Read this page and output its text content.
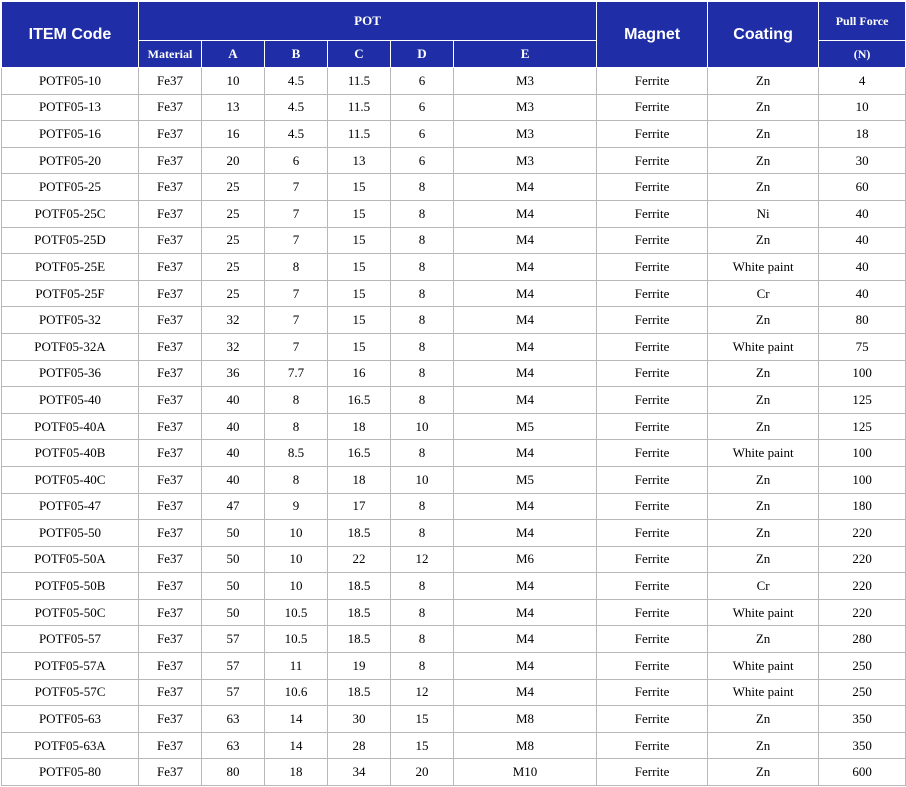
ITEM Code	POT						Magnet	Coating	Pull Force
	Material	A	B	C	D	E			(N)
POTF05-10	Fe37	10	4.5	11.5	6	M3	Ferrite	Zn	4
POTF05-13	Fe37	13	4.5	11.5	6	M3	Ferrite	Zn	10
POTF05-16	Fe37	16	4.5	11.5	6	M3	Ferrite	Zn	18
POTF05-20	Fe37	20	6	13	6	M3	Ferrite	Zn	30
POTF05-25	Fe37	25	7	15	8	M4	Ferrite	Zn	60
POTF05-25C	Fe37	25	7	15	8	M4	Ferrite	Ni	40
POTF05-25D	Fe37	25	7	15	8	M4	Ferrite	Zn	40
POTF05-25E	Fe37	25	8	15	8	M4	Ferrite	White paint	40
POTF05-25F	Fe37	25	7	15	8	M4	Ferrite	Cr	40
POTF05-32	Fe37	32	7	15	8	M4	Ferrite	Zn	80
POTF05-32A	Fe37	32	7	15	8	M4	Ferrite	White paint	75
POTF05-36	Fe37	36	7.7	16	8	M4	Ferrite	Zn	100
POTF05-40	Fe37	40	8	16.5	8	M4	Ferrite	Zn	125
POTF05-40A	Fe37	40	8	18	10	M5	Ferrite	Zn	125
POTF05-40B	Fe37	40	8.5	16.5	8	M4	Ferrite	White paint	100
POTF05-40C	Fe37	40	8	18	10	M5	Ferrite	Zn	100
POTF05-47	Fe37	47	9	17	8	M4	Ferrite	Zn	180
POTF05-50	Fe37	50	10	18.5	8	M4	Ferrite	Zn	220
POTF05-50A	Fe37	50	10	22	12	M6	Ferrite	Zn	220
POTF05-50B	Fe37	50	10	18.5	8	M4	Ferrite	Cr	220
POTF05-50C	Fe37	50	10.5	18.5	8	M4	Ferrite	White paint	220
POTF05-57	Fe37	57	10.5	18.5	8	M4	Ferrite	Zn	280
POTF05-57A	Fe37	57	11	19	8	M4	Ferrite	White paint	250
POTF05-57C	Fe37	57	10.6	18.5	12	M4	Ferrite	White paint	250
POTF05-63	Fe37	63	14	30	15	M8	Ferrite	Zn	350
POTF05-63A	Fe37	63	14	28	15	M8	Ferrite	Zn	350
POTF05-80	Fe37	80	18	34	20	M10	Ferrite	Zn	600
